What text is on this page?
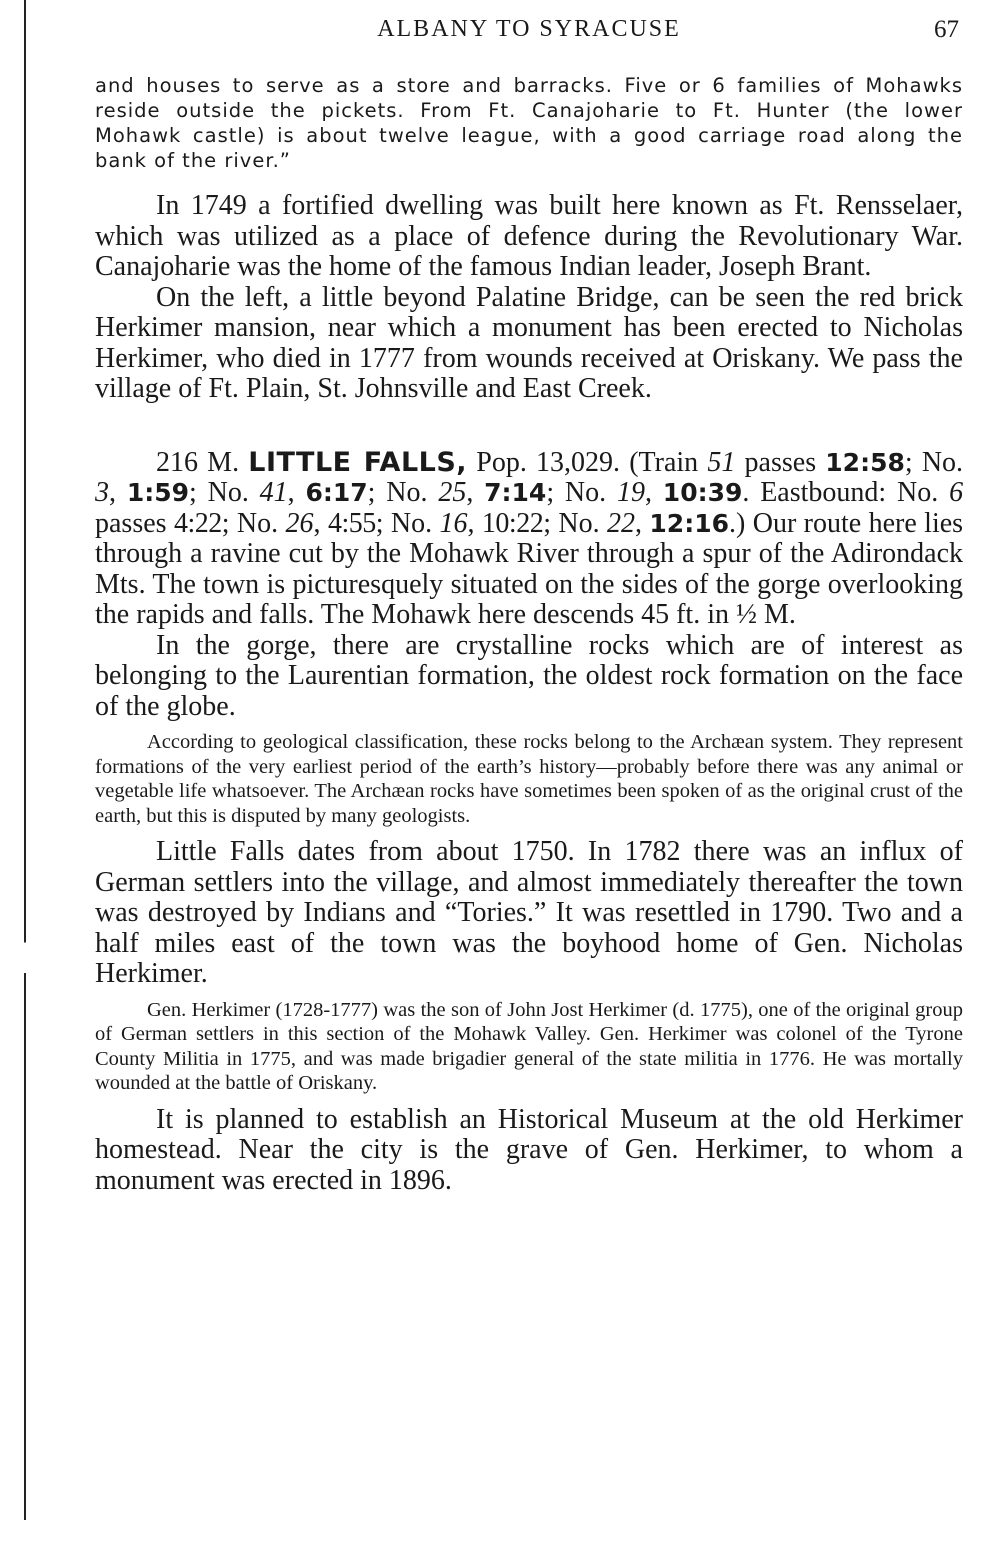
ALBANY TO SYRACUSE	67

and houses to serve as a store and barracks. Five or 6 families of Mohawks reside outside the pickets. From Ft. Canajoharie to Ft. Hunter (the lower Mohawk castle) is about twelve league, with a good carriage road along the bank of the river.”

In 1749 a fortified dwelling was built here known as Ft. Rensselaer, which was utilized as a place of defence during the Revolutionary War. Canajoharie was the home of the famous Indian leader, Joseph Brant.

On the left, a little beyond Palatine Bridge, can be seen the red brick Herkimer mansion, near which a monument has been erected to Nicholas Herkimer, who died in 1777 from wounds received at Oriskany. We pass the village of Ft. Plain, St. Johnsville and East Creek.

216 M. LITTLE FALLS, Pop. 13,029. (Train 51 passes 12:58; No. 3, 1:59; No. 41, 6:17; No. 25, 7:14; No. 19, 10:39. Eastbound: No. 6 passes 4:22; No. 26, 4:55; No. 16, 10:22; No. 22, 12:16.) Our route here lies through a ravine cut by the Mohawk River through a spur of the Adirondack Mts. The town is picturesquely situated on the sides of the gorge overlooking the rapids and falls. The Mohawk here descends 45 ft. in ½ M.

In the gorge, there are crystalline rocks which are of interest as belonging to the Laurentian formation, the oldest rock formation on the face of the globe.

According to geological classification, these rocks belong to the Archæan system. They represent formations of the very earliest period of the earth’s history—probably before there was any animal or vegetable life whatsoever. The Archæan rocks have sometimes been spoken of as the original crust of the earth, but this is disputed by many geologists.

Little Falls dates from about 1750. In 1782 there was an influx of German settlers into the village, and almost immediately thereafter the town was destroyed by Indians and “Tories.” It was resettled in 1790. Two and a half miles east of the town was the boyhood home of Gen. Nicholas Herkimer.

Gen. Herkimer (1728-1777) was the son of John Jost Herkimer (d. 1775), one of the original group of German settlers in this section of the Mohawk Valley. Gen. Herkimer was colonel of the Tyrone County Militia in 1775, and was made brigadier general of the state militia in 1776. He was mortally wounded at the battle of Oriskany.

It is planned to establish an Historical Museum at the old Herkimer homestead. Near the city is the grave of Gen. Herkimer, to whom a monument was erected in 1896.
